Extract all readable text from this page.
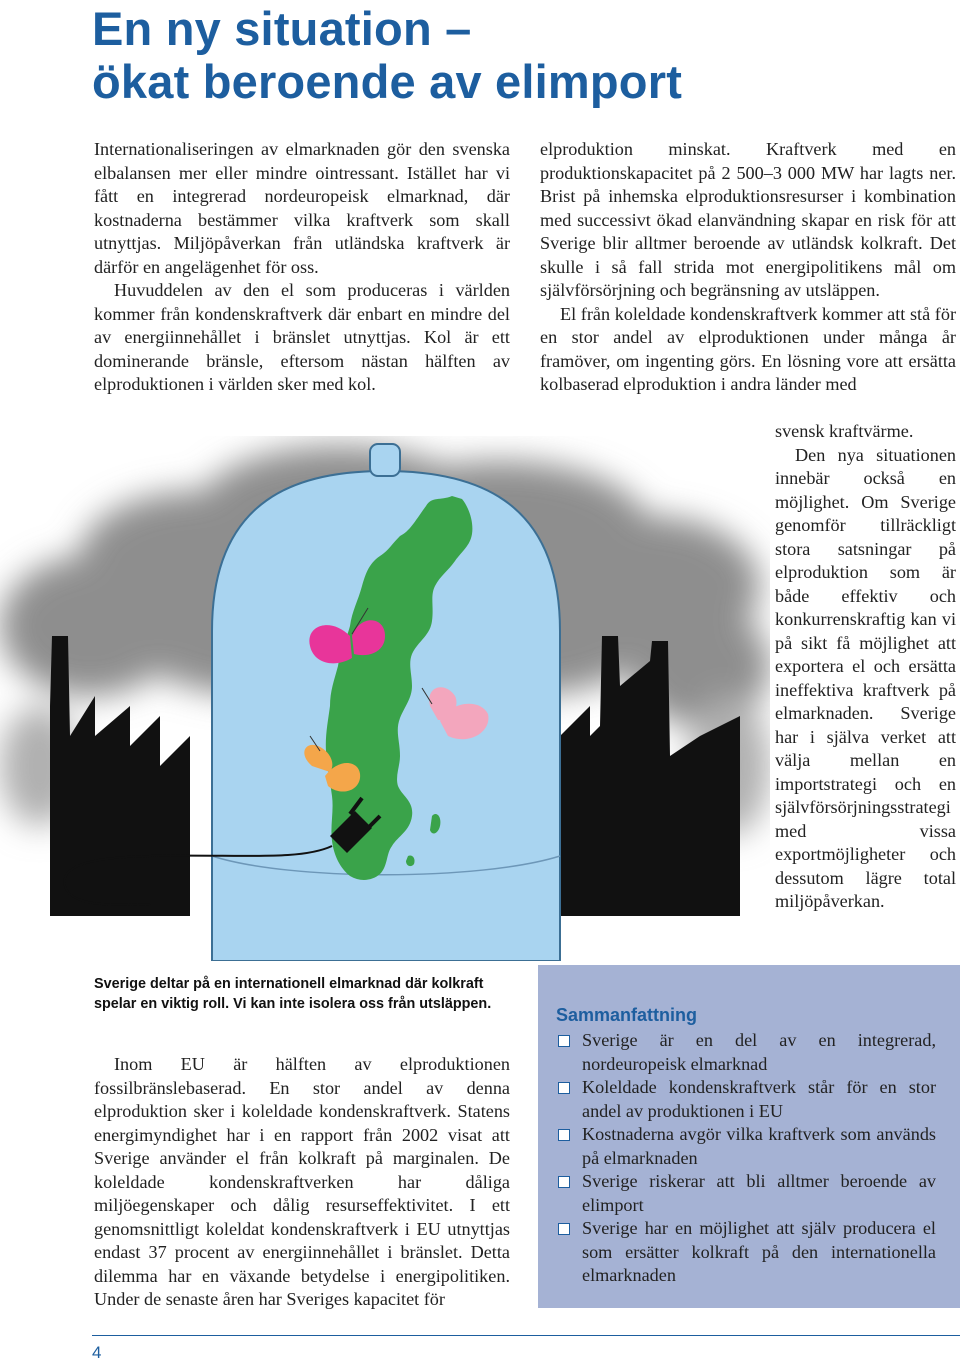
En ny situation –
ökat beroende av elimport

Internationaliseringen av elmarknaden gör den svenska elbalansen mer eller mindre ointressant. Istället har vi fått en integrerad nordeuropeisk elmarknad, där kostnaderna bestämmer vilka kraftverk som skall utnyttjas. Miljöpåverkan från utländska kraftverk är därför en angelägenhet för oss.

Huvuddelen av den el som produceras i världen kommer från kondenskraftverk där enbart en mindre del av energiinnehållet i bränslet utnyttjas. Kol är ett dominerande bränsle, eftersom nästan hälften av elproduktionen i världen sker med kol.

elproduktion minskat. Kraftverk med en produktionskapacitet på 2 500–3 000 MW har lagts ner. Brist på inhemska elproduktionsresurser i kombination med successivt ökad elanvändning skapar en risk för att Sverige blir alltmer beroende av utländsk kolkraft. Det skulle i så fall strida mot energipolitikens mål om självförsörjning och begränsning av utsläppen.

El från koleldade kondenskraftverk kommer att stå för en stor andel av elproduktionen under många år framöver, om ingenting görs. En lösning vore att ersätta kolbaserad elproduktion i andra länder med

svensk kraftvärme.

Den nya situationen innebär också en möjlighet. Om Sverige genomför tillräckligt stora satsningar på elproduktion som är både effektiv och konkurrenskraftig kan vi på sikt få möjlighet att exportera el och ersätta ineffektiva kraftverk på elmarknaden. Sverige har i själva verket att välja mellan en importstrategi och en självförsörjningsstrategi med vissa exportmöjligheter och dessutom lägre total miljöpåverkan.

Sverige deltar på en internationell elmarknad där kolkraft spelar en viktig roll. Vi kan inte isolera oss från utsläppen.

Inom EU är hälften av elproduktionen fossilbränslebaserad. En stor andel av denna elproduktion sker i koleldade kondenskraftverk. Statens energimyndighet har i en rapport från 2002 visat att Sverige använder el från kolkraft på marginalen. De koleldade kondenskraftverken har dåliga miljöegenskaper och dålig resurseffektivitet. I ett genomsnittligt koleldat kondenskraftverk i EU utnyttjas endast 37 procent av energiinnehållet i bränslet. Detta dilemma har en växande betydelse i energipolitiken. Under de senaste åren har Sveriges kapacitet för

Sammanfattning
Sverige är en del av en integrerad, nordeuropeisk elmarknad
Koleldade kondenskraftverk står för en stor andel av produktionen i EU
Kostnaderna avgör vilka kraftverk som används på elmarknaden
Sverige riskerar att bli alltmer beroende av elimport
Sverige har en möjlighet att själv producera el som ersätter kolkraft på den internationella elmarknaden
4
